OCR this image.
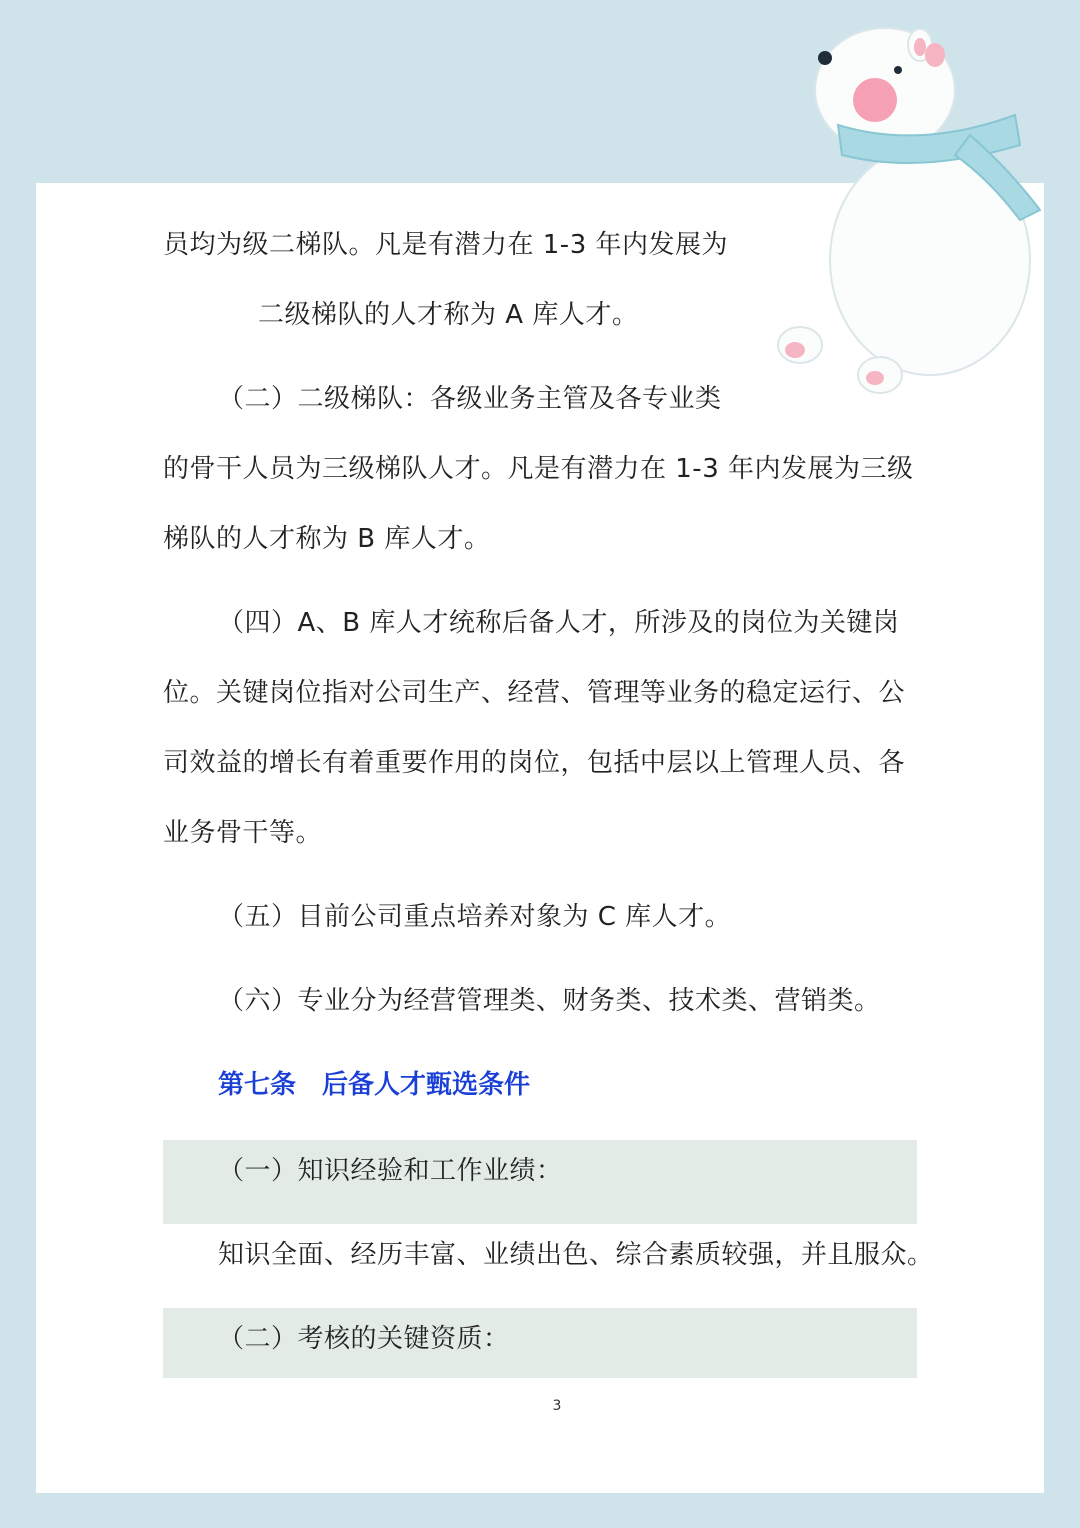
员均为级二梯队。凡是有潜力在 1-3 年内发展为

二级梯队的人才称为 A 库人才。

（二）二级梯队：各级业务主管及各专业类

的骨干人员为三级梯队人才。凡是有潜力在 1-3 年内发展为三级

梯队的人才称为 B 库人才。

（四）A、B 库人才统称后备人才，所涉及的岗位为关键岗

位。关键岗位指对公司生产、经营、管理等业务的稳定运行、公

司效益的增长有着重要作用的岗位，包括中层以上管理人员、各

业务骨干等。

（五）目前公司重点培养对象为 C 库人才。

（六）专业分为经营管理类、财务类、技术类、营销类。

第七条　后备人才甄选条件

（一）知识经验和工作业绩：

知识全面、经历丰富、业绩出色、综合素质较强，并且服众。

（二）考核的关键资质：

3
